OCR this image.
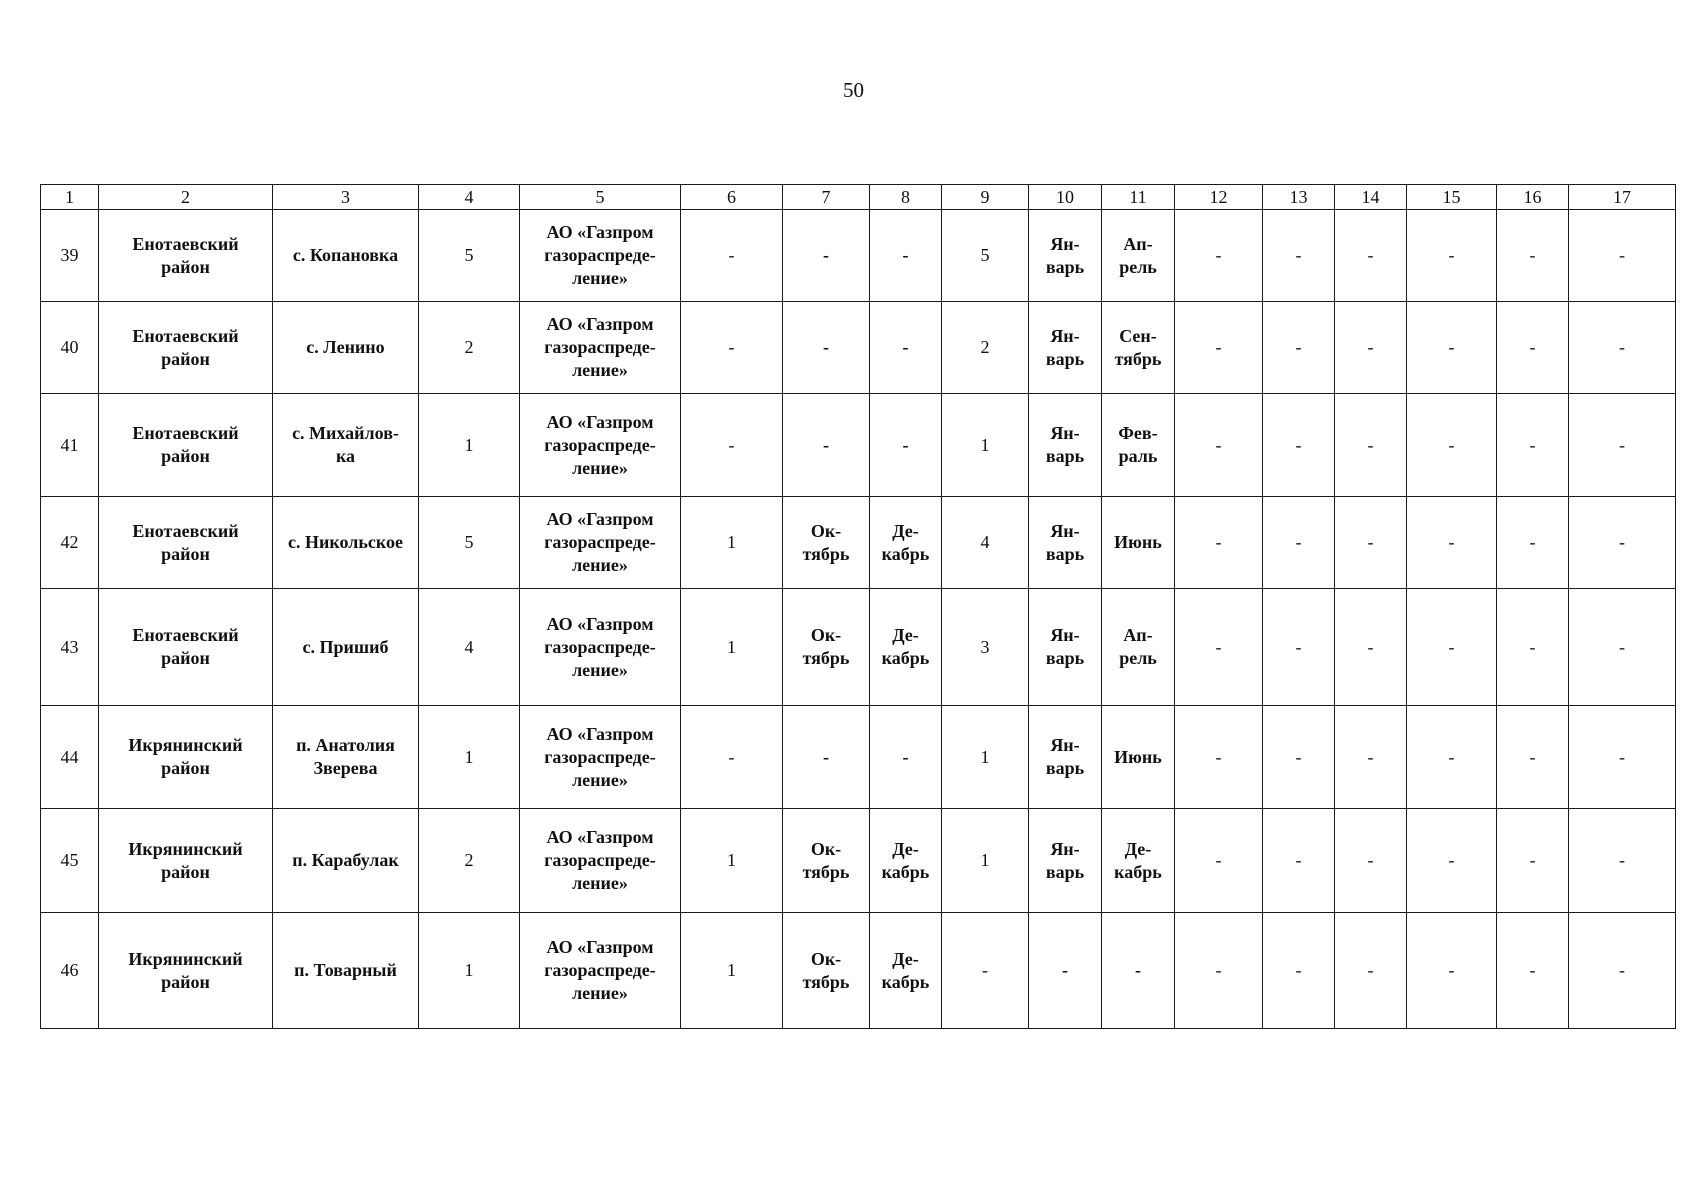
50
1	2	3	4	5	6	7	8	9	10	11	12	13	14	15	16	17
39	Енотаевский
район	с. Копановка	5	АО «Газпром
газораспреде-
ление»	-	-	-	5	Ян-
варь	Ап-
рель	-	-	-	-	-	-
40	Енотаевский
район	с. Ленино	2	АО «Газпром
газораспреде-
ление»	-	-	-	2	Ян-
варь	Сен-
тябрь	-	-	-	-	-	-
41	Енотаевский
район	с. Михайлов-
ка	1	АО «Газпром
газораспреде-
ление»	-	-	-	1	Ян-
варь	Фев-
раль	-	-	-	-	-	-
42	Енотаевский
район	с. Никольское	5	АО «Газпром
газораспреде-
ление»	1	Ок-
тябрь	Де-
кабрь	4	Ян-
варь	Июнь	-	-	-	-	-	-
43	Енотаевский
район	с. Пришиб	4	АО «Газпром
газораспреде-
ление»	1	Ок-
тябрь	Де-
кабрь	3	Ян-
варь	Ап-
рель	-	-	-	-	-	-
44	Икрянинский
район	п. Анатолия
Зверева	1	АО «Газпром
газораспреде-
ление»	-	-	-	1	Ян-
варь	Июнь	-	-	-	-	-	-
45	Икрянинский
район	п. Карабулак	2	АО «Газпром
газораспреде-
ление»	1	Ок-
тябрь	Де-
кабрь	1	Ян-
варь	Де-
кабрь	-	-	-	-	-	-
46	Икрянинский
район	п. Товарный	1	АО «Газпром
газораспреде-
ление»	1	Ок-
тябрь	Де-
кабрь	-	-	-	-	-	-	-	-	-
